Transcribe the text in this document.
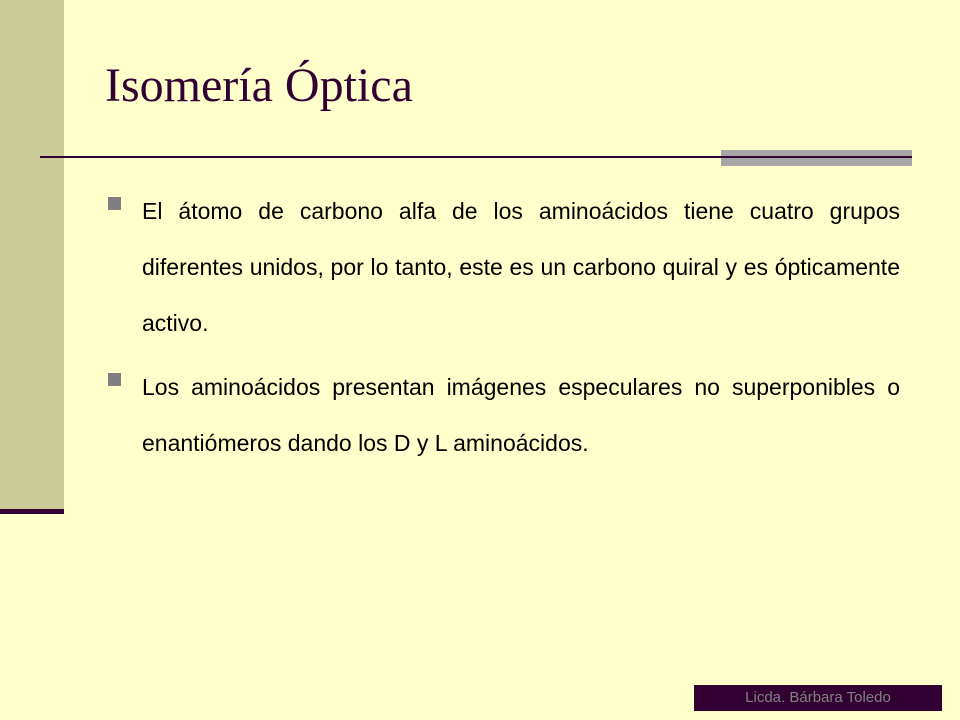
Isomería Óptica
El átomo de carbono alfa de los aminoácidos tiene cuatro grupos diferentes unidos, por lo tanto, este es un carbono quiral y es ópticamente activo.
Los aminoácidos presentan imágenes especulares no superponibles o enantiómeros dando los D y L aminoácidos.
Licda. Bárbara Toledo
